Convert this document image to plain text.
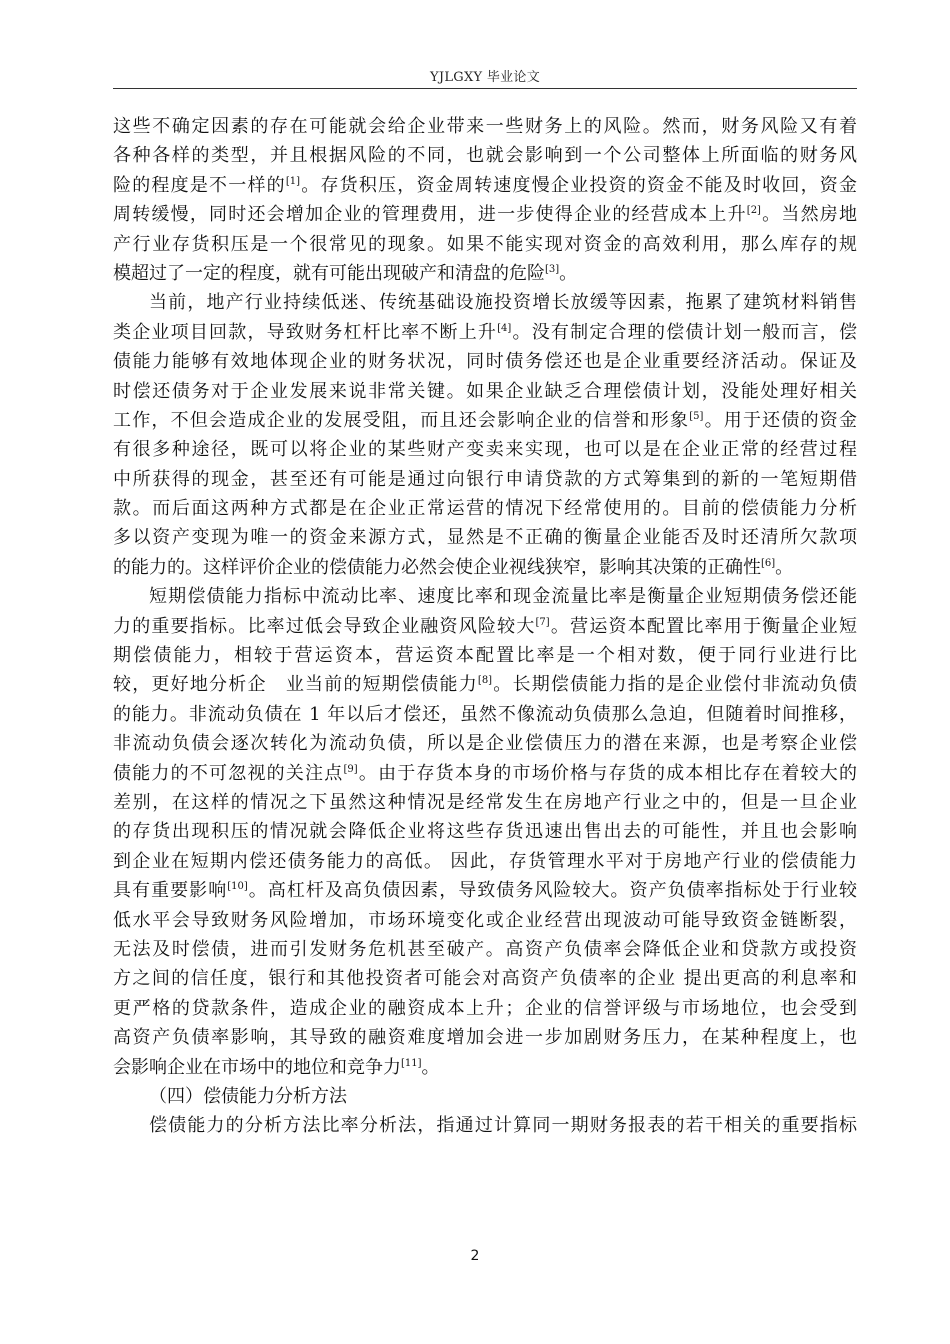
YJLGXY 毕业论文
这些不确定因素的存在可能就会给企业带来一些财务上的风险。然而，财务风险又有着
各种各样的类型，并且根据风险的不同，也就会影响到一个公司整体上所面临的财务风
险的程度是不一样的[1]。存货积压，资金周转速度慢企业投资的资金不能及时收回，资金
周转缓慢，同时还会增加企业的管理费用，进一步使得企业的经营成本上升[2]。当然房地
产行业存货积压是一个很常见的现象。如果不能实现对资金的高效利用，那么库存的规
模超过了一定的程度，就有可能出现破产和清盘的危险[3]。
当前，地产行业持续低迷、传统基础设施投资增长放缓等因素，拖累了建筑材料销售
类企业项目回款，导致财务杠杆比率不断上升[4]。没有制定合理的偿债计划一般而言，偿
债能力能够有效地体现企业的财务状况，同时债务偿还也是企业重要经济活动。保证及
时偿还债务对于企业发展来说非常关键。如果企业缺乏合理偿债计划，没能处理好相关
工作，不但会造成企业的发展受阻，而且还会影响企业的信誉和形象[5]。用于还债的资金
有很多种途径，既可以将企业的某些财产变卖来实现，也可以是在企业正常的经营过程
中所获得的现金，甚至还有可能是通过向银行申请贷款的方式筹集到的新的一笔短期借
款。而后面这两种方式都是在企业正常运营的情况下经常使用的。目前的偿债能力分析
多以资产变现为唯一的资金来源方式，显然是不正确的衡量企业能否及时还清所欠款项
的能力的。这样评价企业的偿债能力必然会使企业视线狭窄，影响其决策的正确性[6]。
短期偿债能力指标中流动比率、速度比率和现金流量比率是衡量企业短期债务偿还能
力的重要指标。比率过低会导致企业融资风险较大[7]。营运资本配置比率用于衡量企业短
期偿债能力，相较于营运资本，营运资本配置比率是一个相对数，便于同行业进行比
较，更好地分析企　业当前的短期偿债能力[8]。长期偿债能力指的是企业偿付非流动负债
的能力。非流动负债在 1 年以后才偿还，虽然不像流动负债那么急迫，但随着时间推移，
非流动负债会逐次转化为流动负债，所以是企业偿债压力的潜在来源，也是考察企业偿
债能力的不可忽视的关注点[9]。由于存货本身的市场价格与存货的成本相比存在着较大的
差别，在这样的情况之下虽然这种情况是经常发生在房地产行业之中的，但是一旦企业
的存货出现积压的情况就会降低企业将这些存货迅速出售出去的可能性，并且也会影响
到企业在短期内偿还债务能力的高低。 因此，存货管理水平对于房地产行业的偿债能力
具有重要影响[10]。高杠杆及高负债因素，导致债务风险较大。资产负债率指标处于行业较
低水平会导致财务风险增加，市场环境变化或企业经营出现波动可能导致资金链断裂，
无法及时偿债，进而引发财务危机甚至破产。高资产负债率会降低企业和贷款方或投资
方之间的信任度，银行和其他投资者可能会对高资产负债率的企业 提出更高的利息率和
更严格的贷款条件，造成企业的融资成本上升；企业的信誉评级与市场地位，也会受到
高资产负债率影响，其导致的融资难度增加会进一步加剧财务压力，在某种程度上，也
会影响企业在市场中的地位和竞争力[11]。
（四）偿债能力分析方法
偿债能力的分析方法比率分析法，指通过计算同一期财务报表的若干相关的重要指标
2
